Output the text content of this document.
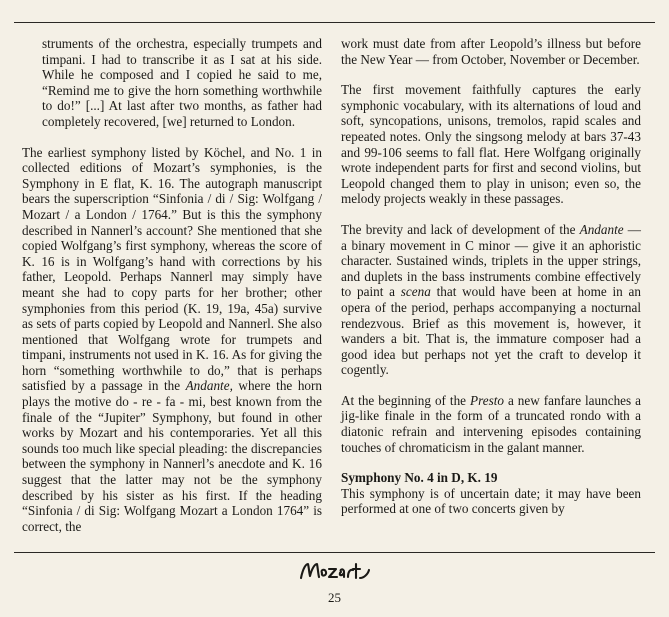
struments of the orchestra, especially trumpets and timpani. I had to transcribe it as I sat at his side. While he composed and I copied he said to me, “Remind me to give the horn something worthwhile to do!” [...] At last after two months, as father had completely recovered, [we] returned to London.

The earliest symphony listed by Köchel, and No. 1 in collected editions of Mozart’s symphonies, is the Symphony in E flat, K. 16. The autograph manuscript bears the superscription “Sinfonia / di / Sig: Wolfgang / Mozart / a London / 1764.” But is this the symphony described in Nannerl’s account? She mentioned that she copied Wolfgang’s first symphony, whereas the score of K. 16 is in Wolfgang’s hand with corrections by his father, Leopold. Perhaps Nannerl may simply have meant she had to copy parts for her brother; other symphonies from this period (K. 19, 19a, 45a) survive as sets of parts copied by Leopold and Nannerl. She also mentioned that Wolfgang wrote for trumpets and timpani, instruments not used in K. 16. As for giving the horn “something worthwhile to do,” that is perhaps satisfied by a passage in the Andante, where the horn plays the motive do - re - fa - mi, best known from the finale of the “Jupiter” Symphony, but found in other works by Mozart and his contemporaries. Yet all this sounds too much like special pleading: the discrepancies between the symphony in Nannerl’s anecdote and K. 16 suggest that the latter may not be the symphony described by his sister as his first. If the heading “Sinfonia / di Sig: Wolfgang Mozart a London 1764” is correct, the

work must date from after Leopold’s illness but before the New Year — from October, November or December.

The first movement faithfully captures the early symphonic vocabulary, with its alternations of loud and soft, syncopations, unisons, tremolos, rapid scales and repeated notes. Only the singsong melody at bars 37-43 and 99-106 seems to fall flat. Here Wolfgang originally wrote independent parts for first and second violins, but Leopold changed them to play in unison; even so, the melody projects weakly in these passages.

The brevity and lack of development of the Andante — a binary movement in C minor — give it an aphoristic character. Sustained winds, triplets in the upper strings, and duplets in the bass instruments combine effectively to paint a scena that would have been at home in an opera of the period, perhaps accompanying a nocturnal rendezvous. Brief as this movement is, however, it wanders a bit. That is, the immature composer had a good idea but perhaps not yet the craft to develop it cogently.

At the beginning of the Presto a new fanfare launches a jig-like finale in the form of a truncated rondo with a diatonic refrain and intervening episodes containing touches of chromaticism in the galant manner.

Symphony No. 4 in D, K. 19

This symphony is of uncertain date; it may have been performed at one of two concerts given by

25
